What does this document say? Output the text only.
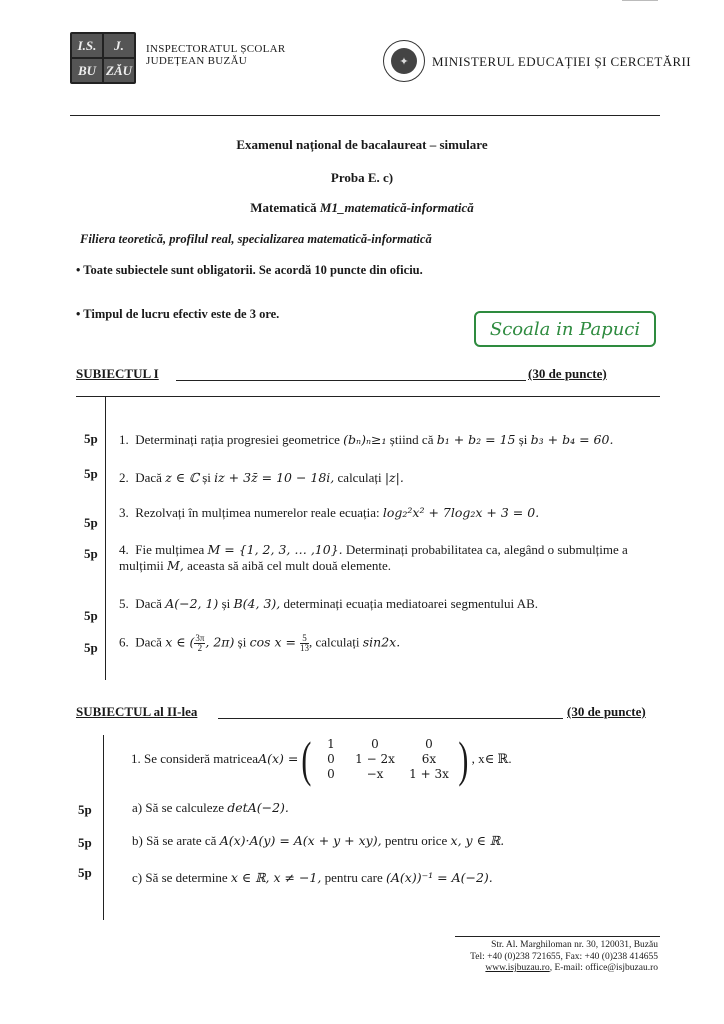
I.S.	J.
BU ZĂU
INSPECTORATUL ȘCOLAR
JUDEȚEAN BUZĂU	✦	MINISTERUL EDUCAȚIEI ȘI CERCETĂRII
Examenul național de bacalaureat – simulare
Proba E. c)
Matematică M1_matematică-informatică
Filiera teoretică, profilul real, specializarea matematică-informatică
• Toate subiectele sunt obligatorii. Se acordă 10 puncte din oficiu.
• Timpul de lucru efectiv este de 3 ore.
Scoala in Papuci
SUBIECTUL I	(30 de puncte)
5p 1. Determinați rația progresiei geometrice (bₙ)ₙ≥₁ știind că b₁ + b₂ = 15 și b₃ + b₄ = 60.
5p 2. Dacă z ∈ ℂ și iz + 3z̄ = 10 − 18i, calculați |z|.
5p
3. Rezolvați în mulțimea numerelor reale ecuația: log₂²x² + 7log₂x + 3 = 0.
5p 4. Fie mulțimea M = {1, 2, 3, … ,10}. Determinați probabilitatea ca, alegând o submulțime a mulțimii M, aceasta să aibă cel mult două elemente.
5p
5. Dacă A(−2, 1) și B(4, 3), determinați ecuația mediatoarei segmentului AB.
5p 6. Dacă x ∈ ( $\frac{3\pi}{2}$ , 2π) și $\cos x = \frac{5}{13}$ , calculați sin2x.
SUBIECTUL al II-lea	(30 de puncte)
1. Se consideră matricea A(x) = (	1	0	0
0	1 − 2x	6x
0	−x	1 + 3x ) , x∈ ℝ.
5p	a) Să se calculeze detA(−2).
5p	b) Să se arate că A(x)·A(y) = A(x + y + xy), pentru orice x, y ∈ ℝ.
5p	c) Să se determine x ∈ ℝ, x ≠ −1, pentru care (A(x))⁻¹ = A(−2).
Str. Al. Marghiloman nr. 30, 120031, Buzău
Tel: +40 (0)238 721655, Fax: +40 (0)238 414655
www.isjbuzau.ro, E-mail: office@isjbuzau.ro
